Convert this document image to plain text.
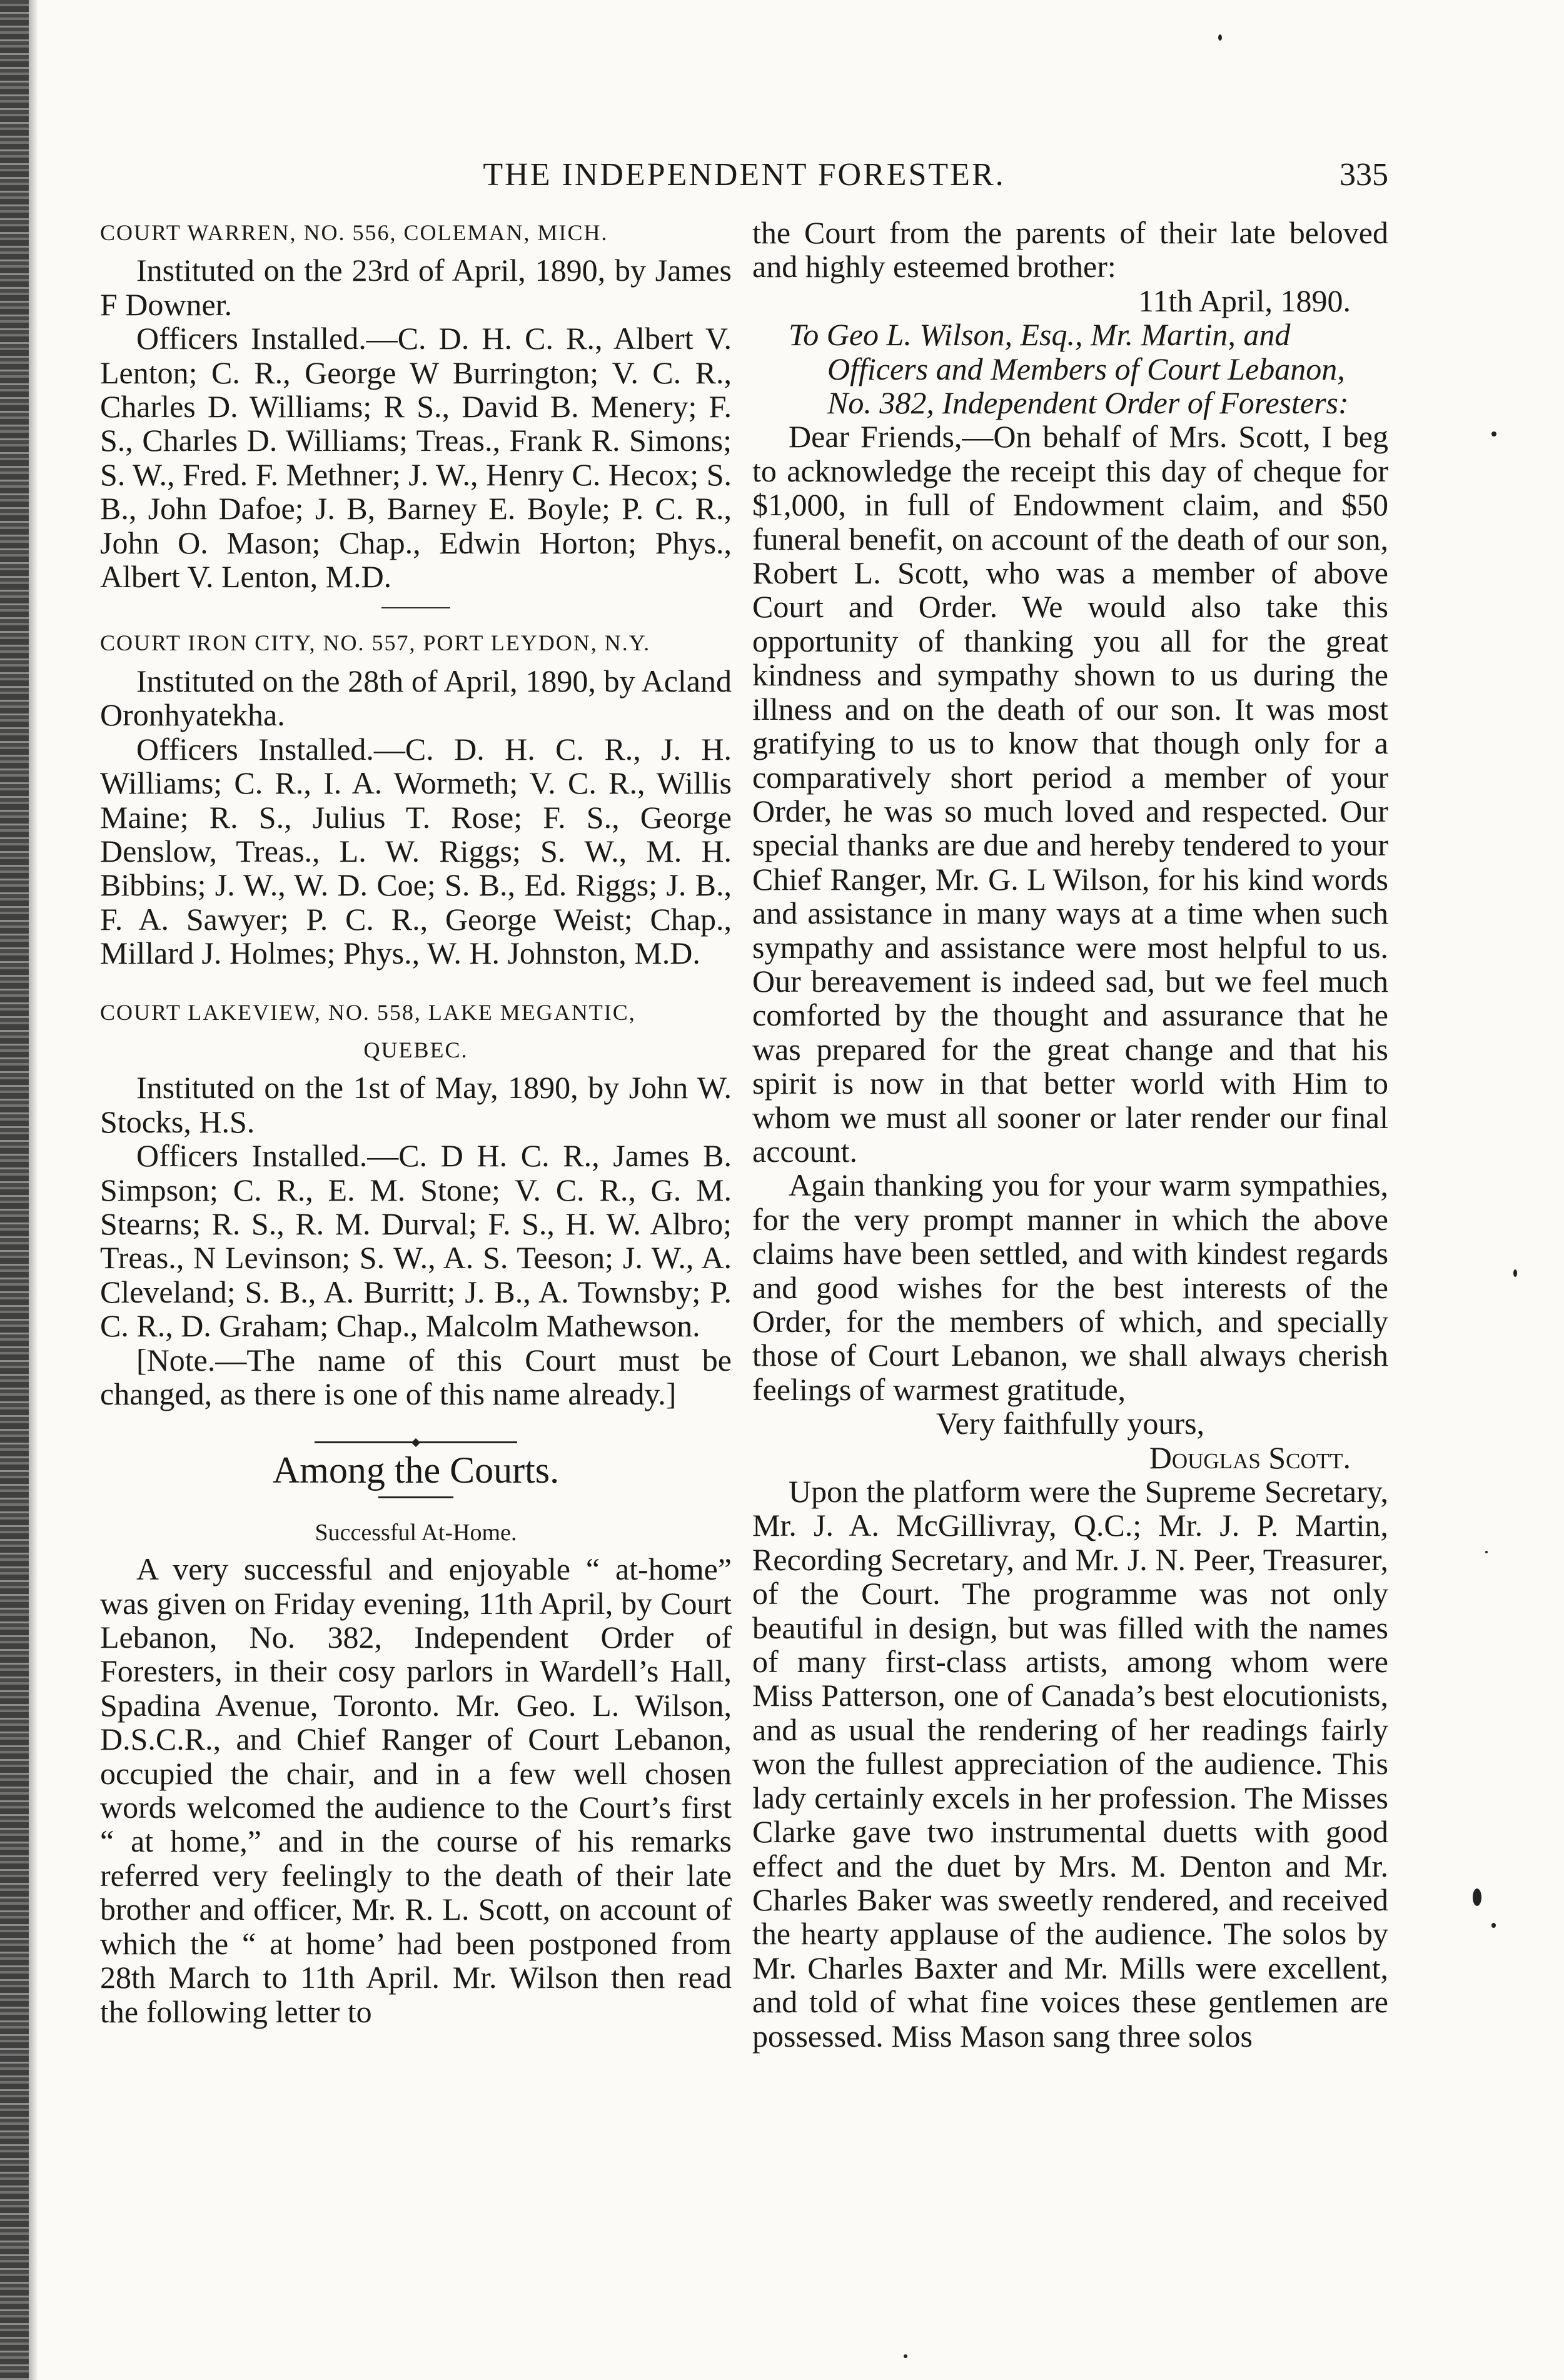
THE INDEPENDENT FORESTER.	335

COURT WARREN, NO. 556, COLEMAN, MICH.

Instituted on the 23rd of April, 1890, by James F Downer.

Officers Installed.—C. D. H. C. R., Albert V. Lenton; C. R., George W Burrington; V. C. R., Charles D. Williams; R S., David B. Menery; F. S., Charles D. Williams; Treas., Frank R. Simons; S. W., Fred. F. Methner; J. W., Henry C. Hecox; S. B., John Dafoe; J. B, Barney E. Boyle; P. C. R., John O. Mason; Chap., Edwin Horton; Phys., Albert V. Lenton, M.D.

COURT IRON CITY, NO. 557, PORT LEYDON, N.Y.

Instituted on the 28th of April, 1890, by Acland Oronhyatekha.

Officers Installed.—C. D. H. C. R., J. H. Williams; C. R., I. A. Wormeth; V. C. R., Willis Maine; R. S., Julius T. Rose; F. S., George Denslow, Treas., L. W. Riggs; S. W., M. H. Bibbins; J. W., W. D. Coe; S. B., Ed. Riggs; J. B., F. A. Sawyer; P. C. R., George Weist; Chap., Millard J. Holmes; Phys., W. H. Johnston, M.D.

COURT LAKEVIEW, NO. 558, LAKE MEGANTIC,

QUEBEC.

Instituted on the 1st of May, 1890, by John W. Stocks, H.S.

Officers Installed.—C. D H. C. R., James B. Simpson; C. R., E. M. Stone; V. C. R., G. M. Stearns; R. S., R. M. Durval; F. S., H. W. Albro; Treas., N Levinson; S. W., A. S. Teeson; J. W., A. Cleveland; S. B., A. Burritt; J. B., A. Townsby; P. C. R., D. Graham; Chap., Malcolm Mathewson.

[Note.—The name of this Court must be changed, as there is one of this name already.]

Among the Courts.

Successful At-Home.

A very successful and enjoyable “ at-home” was given on Friday evening, 11th April, by Court Lebanon, No. 382, Independent Order of Foresters, in their cosy parlors in Wardell’s Hall, Spadina Avenue, Toronto. Mr. Geo. L. Wilson, D.S.C.R., and Chief Ranger of Court Lebanon, occupied the chair, and in a few well chosen words welcomed the audience to the Court’s first “ at home,” and in the course of his remarks referred very feelingly to the death of their late brother and officer, Mr. R. L. Scott, on account of which the “ at home’ had been postponed from 28th March to 11th April. Mr. Wilson then read the following letter to

the Court from the parents of their late beloved and highly esteemed brother:

11th April, 1890.

To Geo L. Wilson, Esq., Mr. Martin, and

Officers and Members of Court Lebanon,

No. 382, Independent Order of Foresters:

Dear Friends,—On behalf of Mrs. Scott, I beg to acknowledge the receipt this day of cheque for $1,000, in full of Endowment claim, and $50 funeral benefit, on account of the death of our son, Robert L. Scott, who was a member of above Court and Order. We would also take this opportunity of thanking you all for the great kindness and sympathy shown to us during the illness and on the death of our son. It was most gratifying to us to know that though only for a comparatively short period a member of your Order, he was so much loved and respected. Our special thanks are due and hereby tendered to your Chief Ranger, Mr. G. L Wilson, for his kind words and assistance in many ways at a time when such sympathy and assistance were most helpful to us. Our bereavement is indeed sad, but we feel much comforted by the thought and assurance that he was prepared for the great change and that his spirit is now in that better world with Him to whom we must all sooner or later render our final account.

Again thanking you for your warm sympathies, for the very prompt manner in which the above claims have been settled, and with kindest regards and good wishes for the best interests of the Order, for the members of which, and specially those of Court Lebanon, we shall always cherish feelings of warmest gratitude,

Very faithfully yours,

Douglas Scott.

Upon the platform were the Supreme Secretary, Mr. J. A. McGillivray, Q.C.; Mr. J. P. Martin, Recording Secretary, and Mr. J. N. Peer, Treasurer, of the Court. The programme was not only beautiful in design, but was filled with the names of many first-class artists, among whom were Miss Patterson, one of Canada’s best elocutionists, and as usual the rendering of her readings fairly won the fullest appreciation of the audience. This lady certainly excels in her profession. The Misses Clarke gave two instrumental duetts with good effect and the duet by Mrs. M. Denton and Mr. Charles Baker was sweetly rendered, and received the hearty applause of the audience. The solos by Mr. Charles Baxter and Mr. Mills were excellent, and told of what fine voices these gentlemen are possessed. Miss Mason sang three solos
